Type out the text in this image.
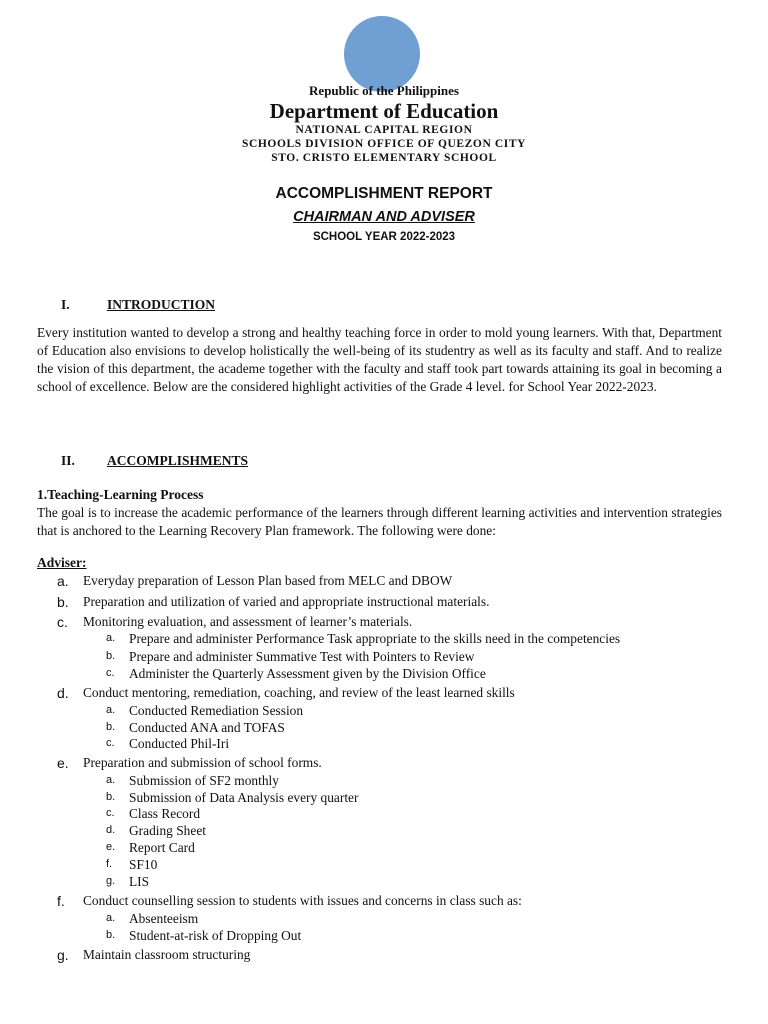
Republic of the Philippines

Department of Education

NATIONAL CAPITAL REGION

SCHOOLS DIVISION OFFICE OF QUEZON CITY

STO. CRISTO ELEMENTARY SCHOOL

ACCOMPLISHMENT REPORT

CHAIRMAN AND ADVISER

SCHOOL YEAR 2022-2023

I.	INTRODUCTION

Every institution wanted to develop a strong and healthy teaching force in order to mold young learners. With that, Department of Education also envisions to develop holistically the well-being of its studentry as well as its faculty and staff. And to realize the vision of this department, the academe together with the faculty and staff took part towards attaining its goal in becoming a school of excellence. Below are the considered highlight activities of the Grade 4 level. for School Year 2022-2023.

II. ACCOMPLISHMENTS
1.Teaching-Learning Process

The goal is to increase the academic performance of the learners through different learning activities and intervention strategies that is anchored to the Learning Recovery Plan framework. The following were done:

Adviser:
a. Everyday preparation of Lesson Plan based from MELC and DBOW
b. Preparation and utilization of varied and appropriate instructional materials.
c. Monitoring evaluation, and assessment of learner’s materials.
a. Prepare and administer Performance Task appropriate to the skills need in the competencies
b. Prepare and administer Summative Test with Pointers to Review
c. Administer the Quarterly Assessment given by the Division Office
d. Conduct mentoring, remediation, coaching, and review of the least learned skills
a. Conducted Remediation Session
b. Conducted ANA and TOFAS
c. Conducted Phil-Iri
e. Preparation and submission of school forms.
a. Submission of SF2 monthly
b. Submission of Data Analysis every quarter
c. Class Record
d. Grading Sheet
e. Report Card
f. SF10
g. LIS
f. Conduct counselling session to students with issues and concerns in class such as:
a. Absenteeism
b. Student-at-risk of Dropping Out
g. Maintain classroom structuring
